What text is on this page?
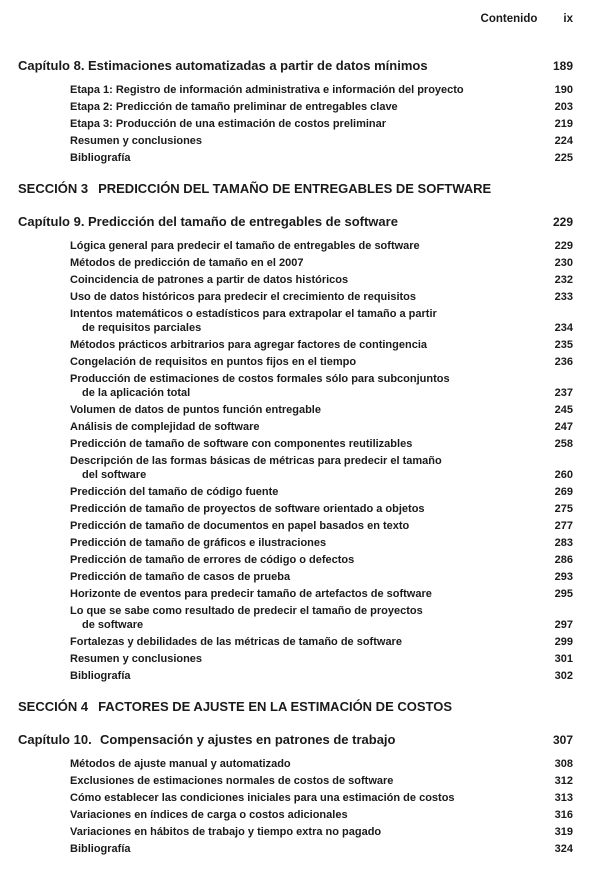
Contenido ix
Capítulo 8. Estimaciones automatizadas a partir de datos mínimos	189
Etapa 1: Registro de información administrativa e información del proyecto	190
Etapa 2: Predicción de tamaño preliminar de entregables clave	203
Etapa 3: Producción de una estimación de costos preliminar	219
Resumen y conclusiones	224
Bibliografía	225
SECCIÓN 3 PREDICCIÓN DEL TAMAÑO DE ENTREGABLES DE SOFTWARE
Capítulo 9. Predicción del tamaño de entregables de software	229
Lógica general para predecir el tamaño de entregables de software	229
Métodos de predicción de tamaño en el 2007	230
Coincidencia de patrones a partir de datos históricos	232
Uso de datos históricos para predecir el crecimiento de requisitos	233
Intentos matemáticos o estadísticos para extrapolar el tamaño a partir
de requisitos parciales	234
Métodos prácticos arbitrarios para agregar factores de contingencia	235
Congelación de requisitos en puntos fijos en el tiempo	236
Producción de estimaciones de costos formales sólo para subconjuntos
de la aplicación total	237
Volumen de datos de puntos función entregable	245
Análisis de complejidad de software	247
Predicción de tamaño de software con componentes reutilizables	258
Descripción de las formas básicas de métricas para predecir el tamaño
del software	260
Predicción del tamaño de código fuente	269
Predicción de tamaño de proyectos de software orientado a objetos	275
Predicción de tamaño de documentos en papel basados en texto	277
Predicción de tamaño de gráficos e ilustraciones	283
Predicción de tamaño de errores de código o defectos	286
Predicción de tamaño de casos de prueba	293
Horizonte de eventos para predecir tamaño de artefactos de software	295
Lo que se sabe como resultado de predecir el tamaño de proyectos
de software	297
Fortalezas y debilidades de las métricas de tamaño de software	299
Resumen y conclusiones	301
Bibliografía	302
SECCIÓN 4 FACTORES DE AJUSTE EN LA ESTIMACIÓN DE COSTOS
Capítulo 10. Compensación y ajustes en patrones de trabajo	307
Métodos de ajuste manual y automatizado	308
Exclusiones de estimaciones normales de costos de software	312
Cómo establecer las condiciones iniciales para una estimación de costos	313
Variaciones en índices de carga o costos adicionales	316
Variaciones en hábitos de trabajo y tiempo extra no pagado	319
Bibliografía	324
